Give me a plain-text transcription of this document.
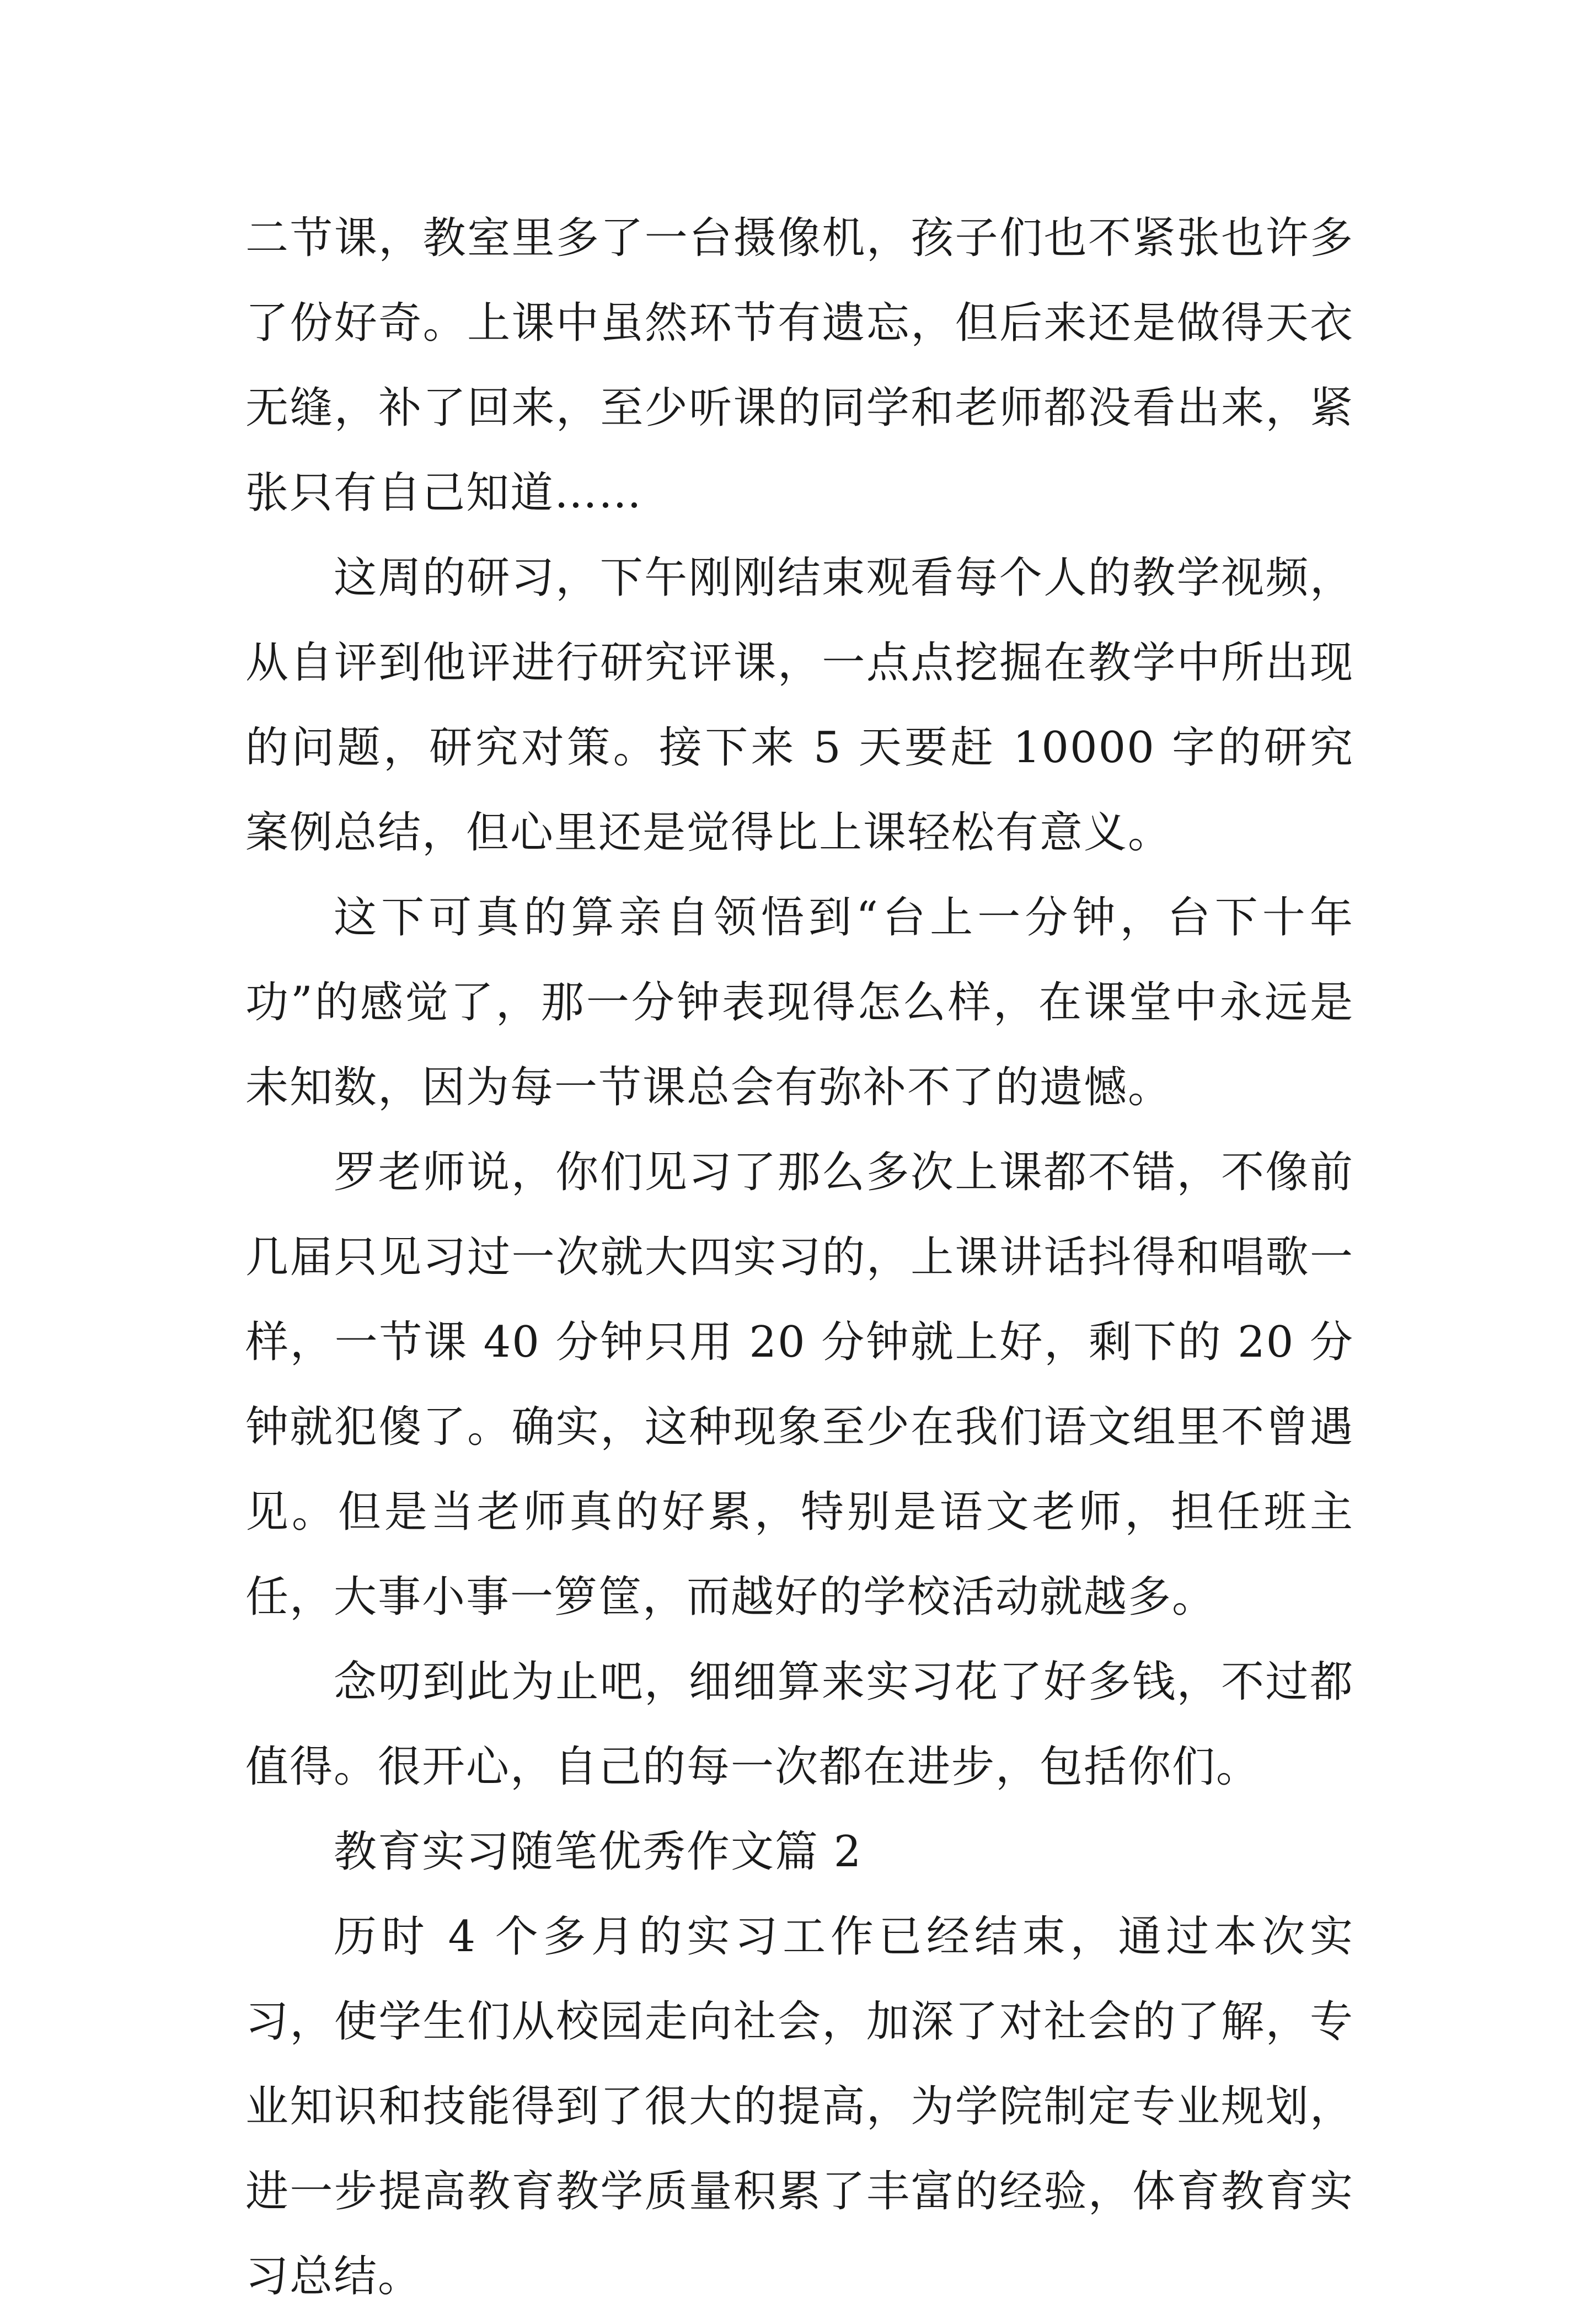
二节课，教室里多了一台摄像机，孩子们也不紧张也许多了份好奇。上课中虽然环节有遗忘，但后来还是做得天衣无缝，补了回来，至少听课的同学和老师都没看出来，紧张只有自己知道……

这周的研习，下午刚刚结束观看每个人的教学视频，从自评到他评进行研究评课，一点点挖掘在教学中所出现的问题，研究对策。接下来 5 天要赶 10000 字的研究案例总结，但心里还是觉得比上课轻松有意义。

这下可真的算亲自领悟到“台上一分钟，台下十年功”的感觉了，那一分钟表现得怎么样，在课堂中永远是未知数，因为每一节课总会有弥补不了的遗憾。

罗老师说，你们见习了那么多次上课都不错，不像前几届只见习过一次就大四实习的，上课讲话抖得和唱歌一样，一节课 40 分钟只用 20 分钟就上好，剩下的 20 分钟就犯傻了。确实，这种现象至少在我们语文组里不曾遇见。但是当老师真的好累，特别是语文老师，担任班主任，大事小事一箩筐，而越好的学校活动就越多。

念叨到此为止吧，细细算来实习花了好多钱，不过都值得。很开心，自己的每一次都在进步，包括你们。

教育实习随笔优秀作文篇 2

历时 4 个多月的实习工作已经结束，通过本次实习，使学生们从校园走向社会，加深了对社会的了解，专业知识和技能得到了很大的提高，为学院制定专业规划，进一步提高教育教学质量积累了丰富的经验，体育教育实习总结。
